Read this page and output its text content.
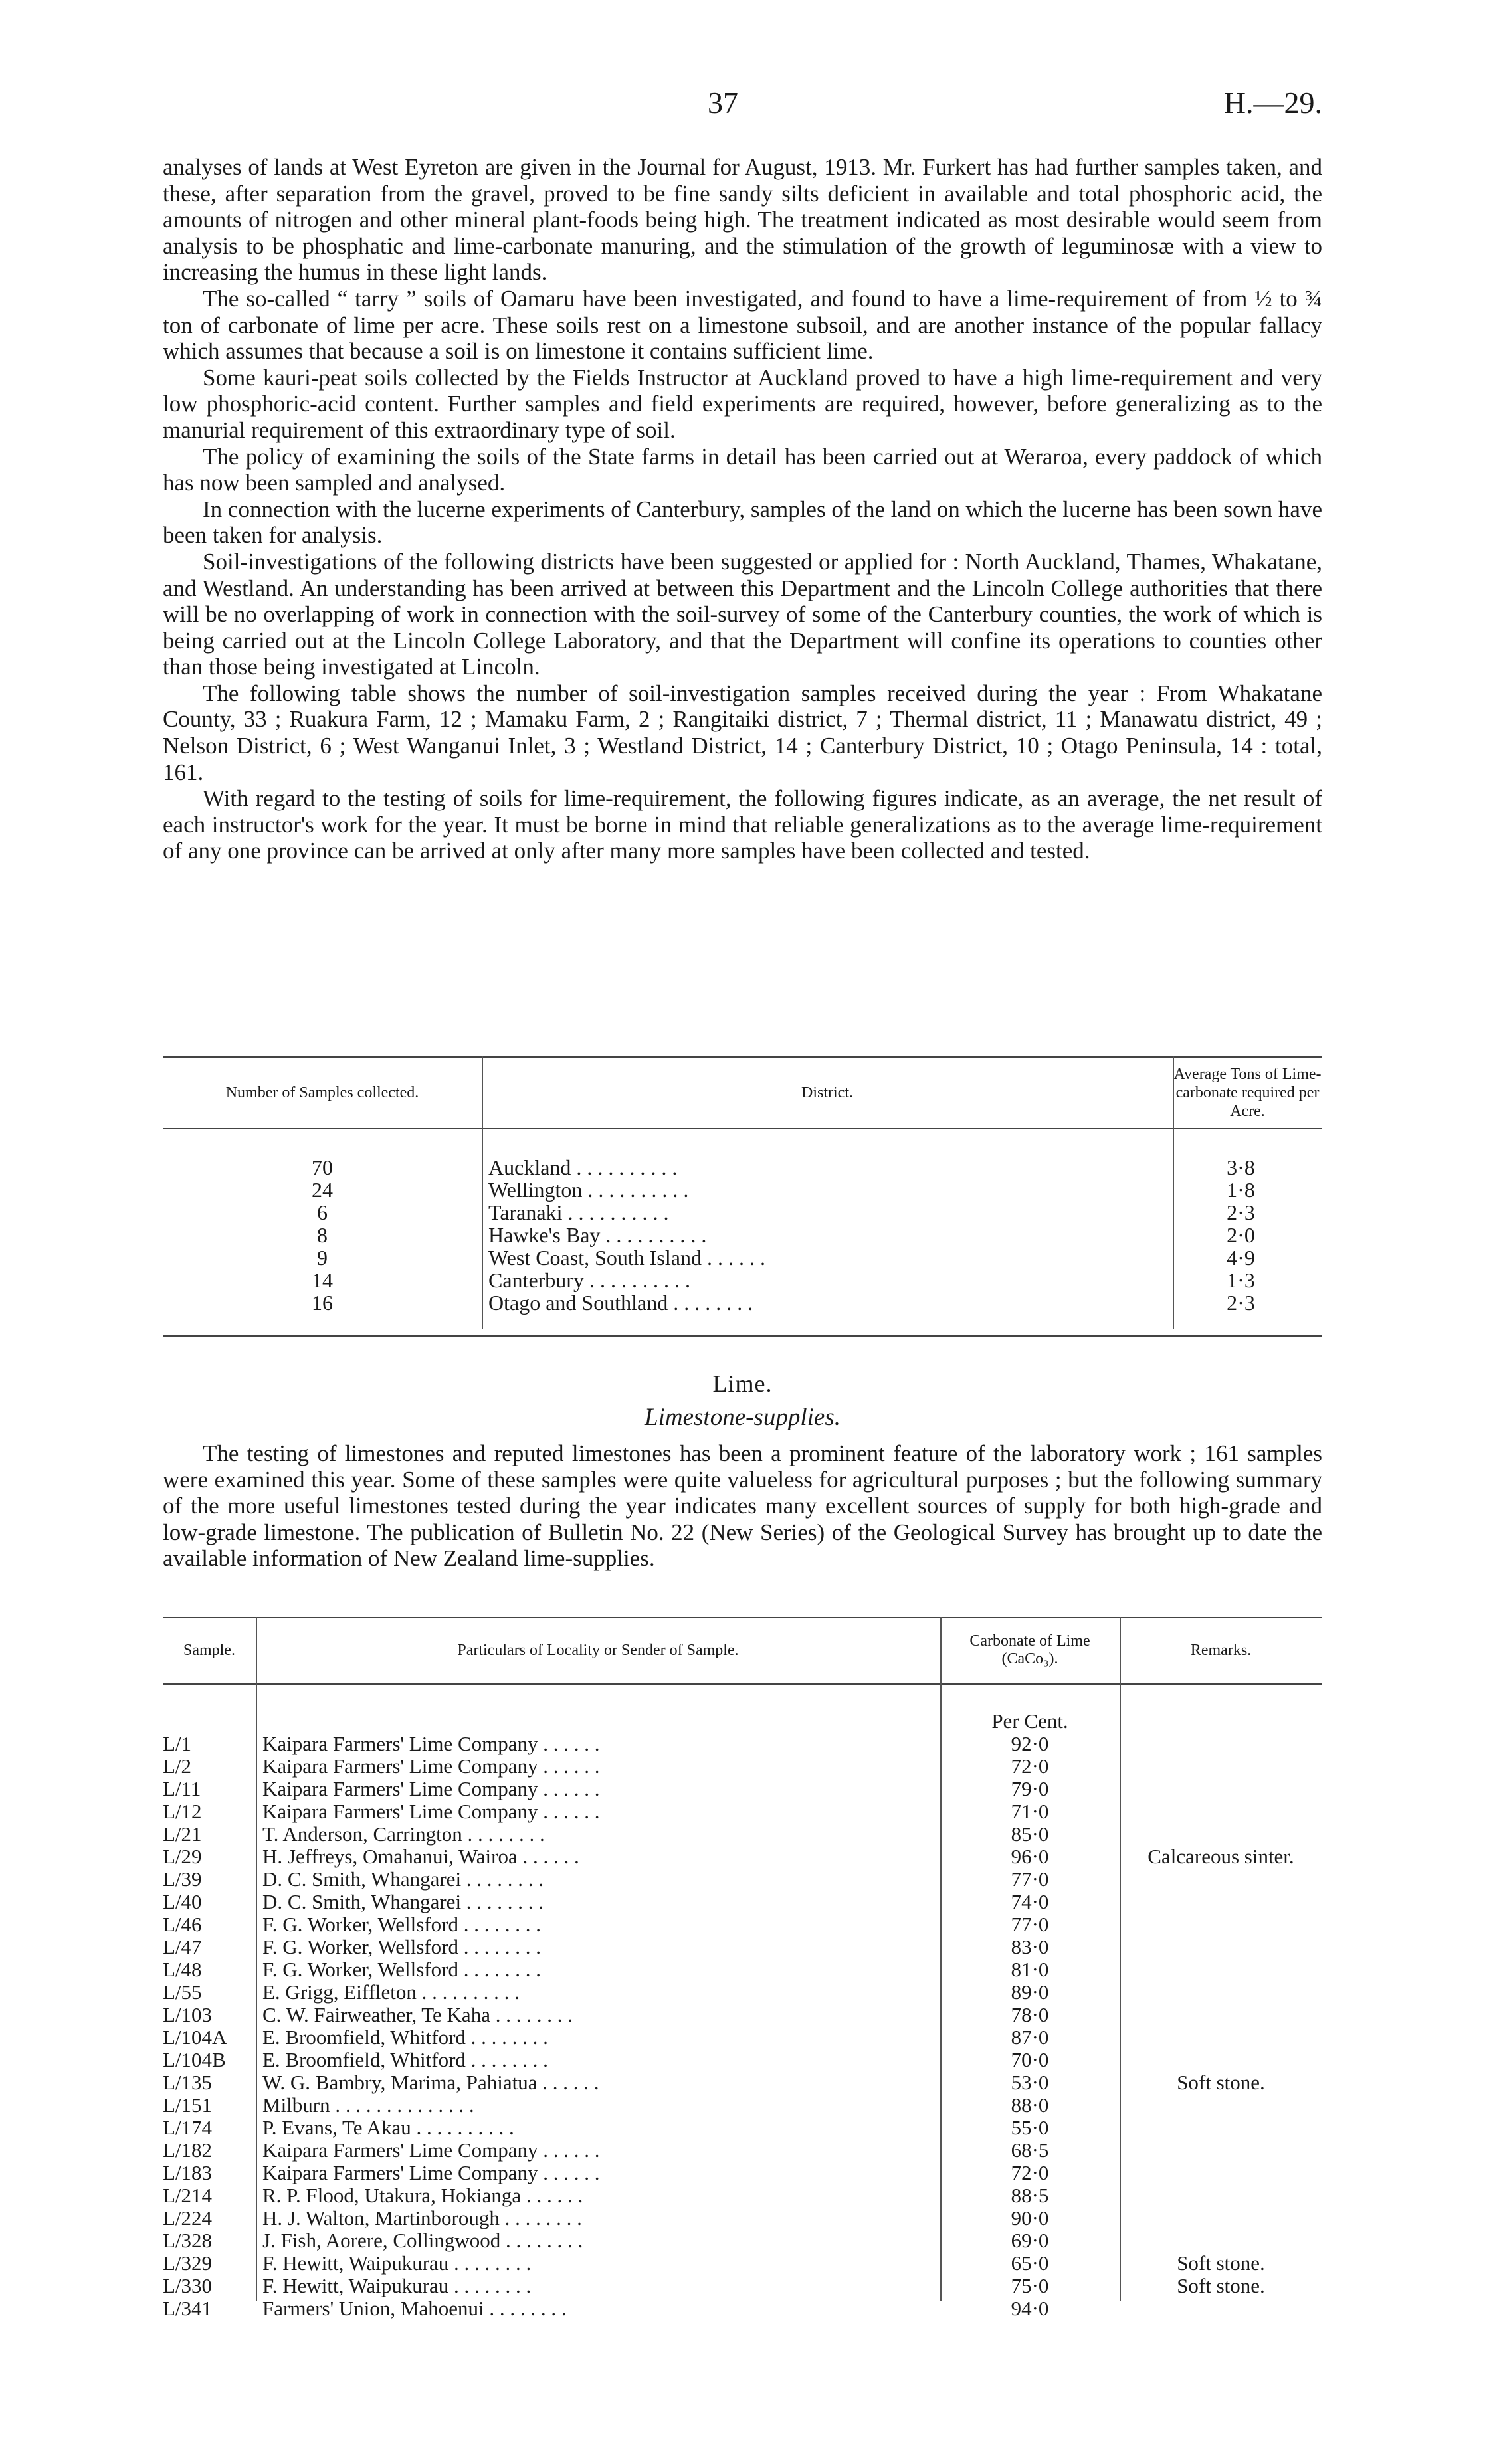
37	H.—29.

analyses of lands at West Eyreton are given in the Journal for August, 1913. Mr. Furkert has had further samples taken, and these, after separation from the gravel, proved to be fine sandy silts deficient in available and total phosphoric acid, the amounts of nitrogen and other mineral plant-foods being high. The treatment indicated as most desirable would seem from analysis to be phosphatic and lime-carbonate manuring, and the stimulation of the growth of leguminosæ with a view to increasing the humus in these light lands.

The so-called “ tarry ” soils of Oamaru have been investigated, and found to have a lime-requirement of from ½ to ¾ ton of carbonate of lime per acre. These soils rest on a limestone subsoil, and are another instance of the popular fallacy which assumes that because a soil is on limestone it contains sufficient lime.

Some kauri-peat soils collected by the Fields Instructor at Auckland proved to have a high lime-requirement and very low phosphoric-acid content. Further samples and field experiments are required, however, before generalizing as to the manurial requirement of this extraordinary type of soil.

The policy of examining the soils of the State farms in detail has been carried out at Weraroa, every paddock of which has now been sampled and analysed.

In connection with the lucerne experiments of Canterbury, samples of the land on which the lucerne has been sown have been taken for analysis.

Soil-investigations of the following districts have been suggested or applied for : North Auckland, Thames, Whakatane, and Westland. An understanding has been arrived at between this Department and the Lincoln College authorities that there will be no overlapping of work in connection with the soil-survey of some of the Canterbury counties, the work of which is being carried out at the Lincoln College Laboratory, and that the Department will confine its operations to counties other than those being investigated at Lincoln.

The following table shows the number of soil-investigation samples received during the year : From Whakatane County, 33 ; Ruakura Farm, 12 ; Mamaku Farm, 2 ; Rangitaiki district, 7 ; Thermal district, 11 ; Manawatu district, 49 ; Nelson District, 6 ; West Wanganui Inlet, 3 ; Westland District, 14 ; Canterbury District, 10 ; Otago Peninsula, 14 : total, 161.

With regard to the testing of soils for lime-requirement, the following figures indicate, as an average, the net result of each instructor's work for the year. It must be borne in mind that reliable generalizations as to the average lime-requirement of any one province can be arrived at only after many more samples have been collected and tested.

Number of Samples collected.	District.
Average Tons of Lime-carbonate required per Acre.
70	Auckland . . . . . . . . . .	3·8
24	Wellington . . . . . . . . . .	1·8
6	Taranaki . . . . . . . . . .	2·3
8	Hawke's Bay . . . . . . . . . .	2·0
9	West Coast, South Island . . . . . .	4·9
14	Canterbury . . . . . . . . . .	1·3
16	Otago and Southland . . . . . . . .	2·3
Lime.
Limestone-supplies.

The testing of limestones and reputed limestones has been a prominent feature of the laboratory work ; 161 samples were examined this year. Some of these samples were quite valueless for agricultural purposes ; but the following summary of the more useful limestones tested during the year indicates many excellent sources of supply for both high-grade and low-grade limestone. The publication of Bulletin No. 22 (New Series) of the Geological Survey has brought up to date the available information of New Zealand lime-supplies.

Sample.	Particulars of Locality or Sender of Sample.
Carbonate of Lime (CaCo₃).
Remarks.
Per Cent.
L/1	Kaipara Farmers' Lime Company . . . . . .	92·0
L/2	Kaipara Farmers' Lime Company . . . . . .	72·0
L/11	Kaipara Farmers' Lime Company . . . . . .	79·0
L/12	Kaipara Farmers' Lime Company . . . . . .	71·0
L/21	T. Anderson, Carrington . . . . . . . .	85·0
L/29	H. Jeffreys, Omahanui, Wairoa . . . . . .	96·0	Calcareous sinter.
L/39	D. C. Smith, Whangarei . . . . . . . .	77·0
L/40	D. C. Smith, Whangarei . . . . . . . .	74·0
L/46	F. G. Worker, Wellsford . . . . . . . .	77·0
L/47	F. G. Worker, Wellsford . . . . . . . .	83·0
L/48	F. G. Worker, Wellsford . . . . . . . .	81·0
L/55	E. Grigg, Eiffleton . . . . . . . . . .	89·0
L/103	C. W. Fairweather, Te Kaha . . . . . . . .	78·0
L/104A	E. Broomfield, Whitford . . . . . . . .	87·0
L/104B	E. Broomfield, Whitford . . . . . . . .	70·0
L/135	W. G. Bambry, Marima, Pahiatua . . . . . .	53·0	Soft stone.
L/151	Milburn . . . . . . . . . . . . . .	88·0
L/174	P. Evans, Te Akau . . . . . . . . . .	55·0
L/182	Kaipara Farmers' Lime Company . . . . . .	68·5
L/183	Kaipara Farmers' Lime Company . . . . . .	72·0
L/214	R. P. Flood, Utakura, Hokianga . . . . . .	88·5
L/224	H. J. Walton, Martinborough . . . . . . . .	90·0
L/328	J. Fish, Aorere, Collingwood . . . . . . . .	69·0
L/329	F. Hewitt, Waipukurau . . . . . . . .	65·0	Soft stone.
L/330	F. Hewitt, Waipukurau . . . . . . . .	75·0	Soft stone.
L/341	Farmers' Union, Mahoenui . . . . . . . .	94·0
